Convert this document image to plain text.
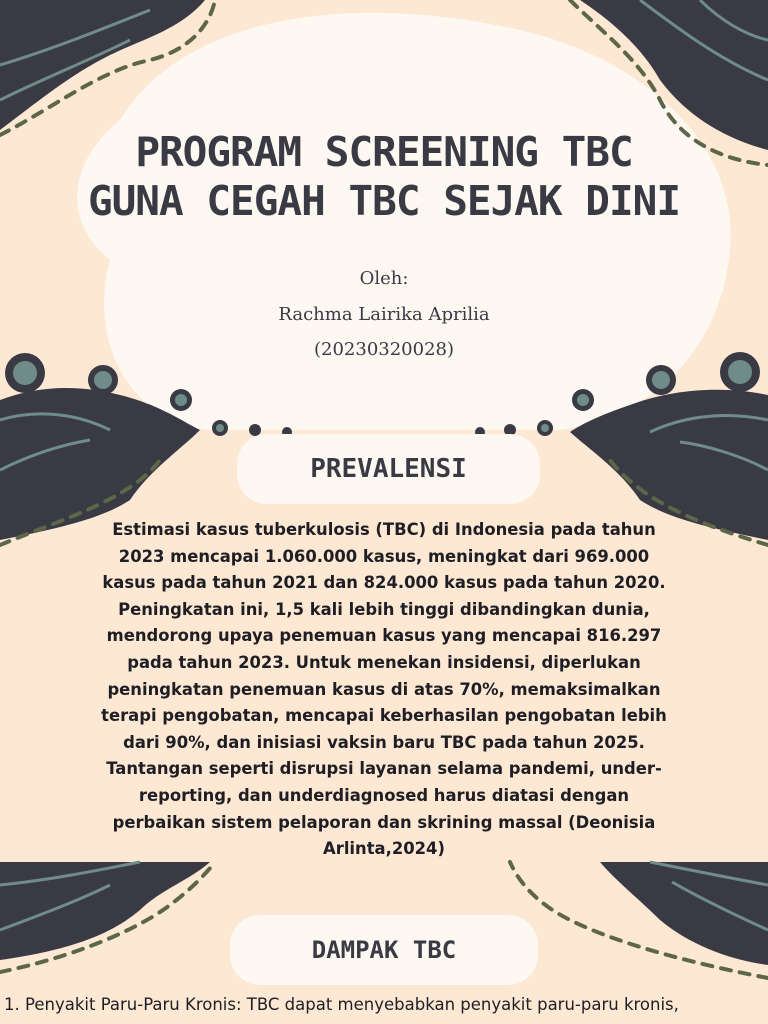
PROGRAM SCREENING TBC
GUNA CEGAH TBC SEJAK DINI
Oleh:
Rachma Lairika Aprilia
(20230320028)
PREVALENSI
Estimasi kasus tuberkulosis (TBC) di Indonesia pada tahun 2023 mencapai 1.060.000 kasus, meningkat dari 969.000 kasus pada tahun 2021 dan 824.000 kasus pada tahun 2020. Peningkatan ini, 1,5 kali lebih tinggi dibandingkan dunia, mendorong upaya penemuan kasus yang mencapai 816.297 pada tahun 2023. Untuk menekan insidensi, diperlukan peningkatan penemuan kasus di atas 70%, memaksimalkan terapi pengobatan, mencapai keberhasilan pengobatan lebih dari 90%, dan inisiasi vaksin baru TBC pada tahun 2025. Tantangan seperti disrupsi layanan selama pandemi, under-reporting, dan underdiagnosed harus diatasi dengan perbaikan sistem pelaporan dan skrining massal (Deonisia Arlinta,2024)
DAMPAK TBC
1. Penyakit Paru-Paru Kronis: TBC dapat menyebabkan penyakit paru-paru kronis,
